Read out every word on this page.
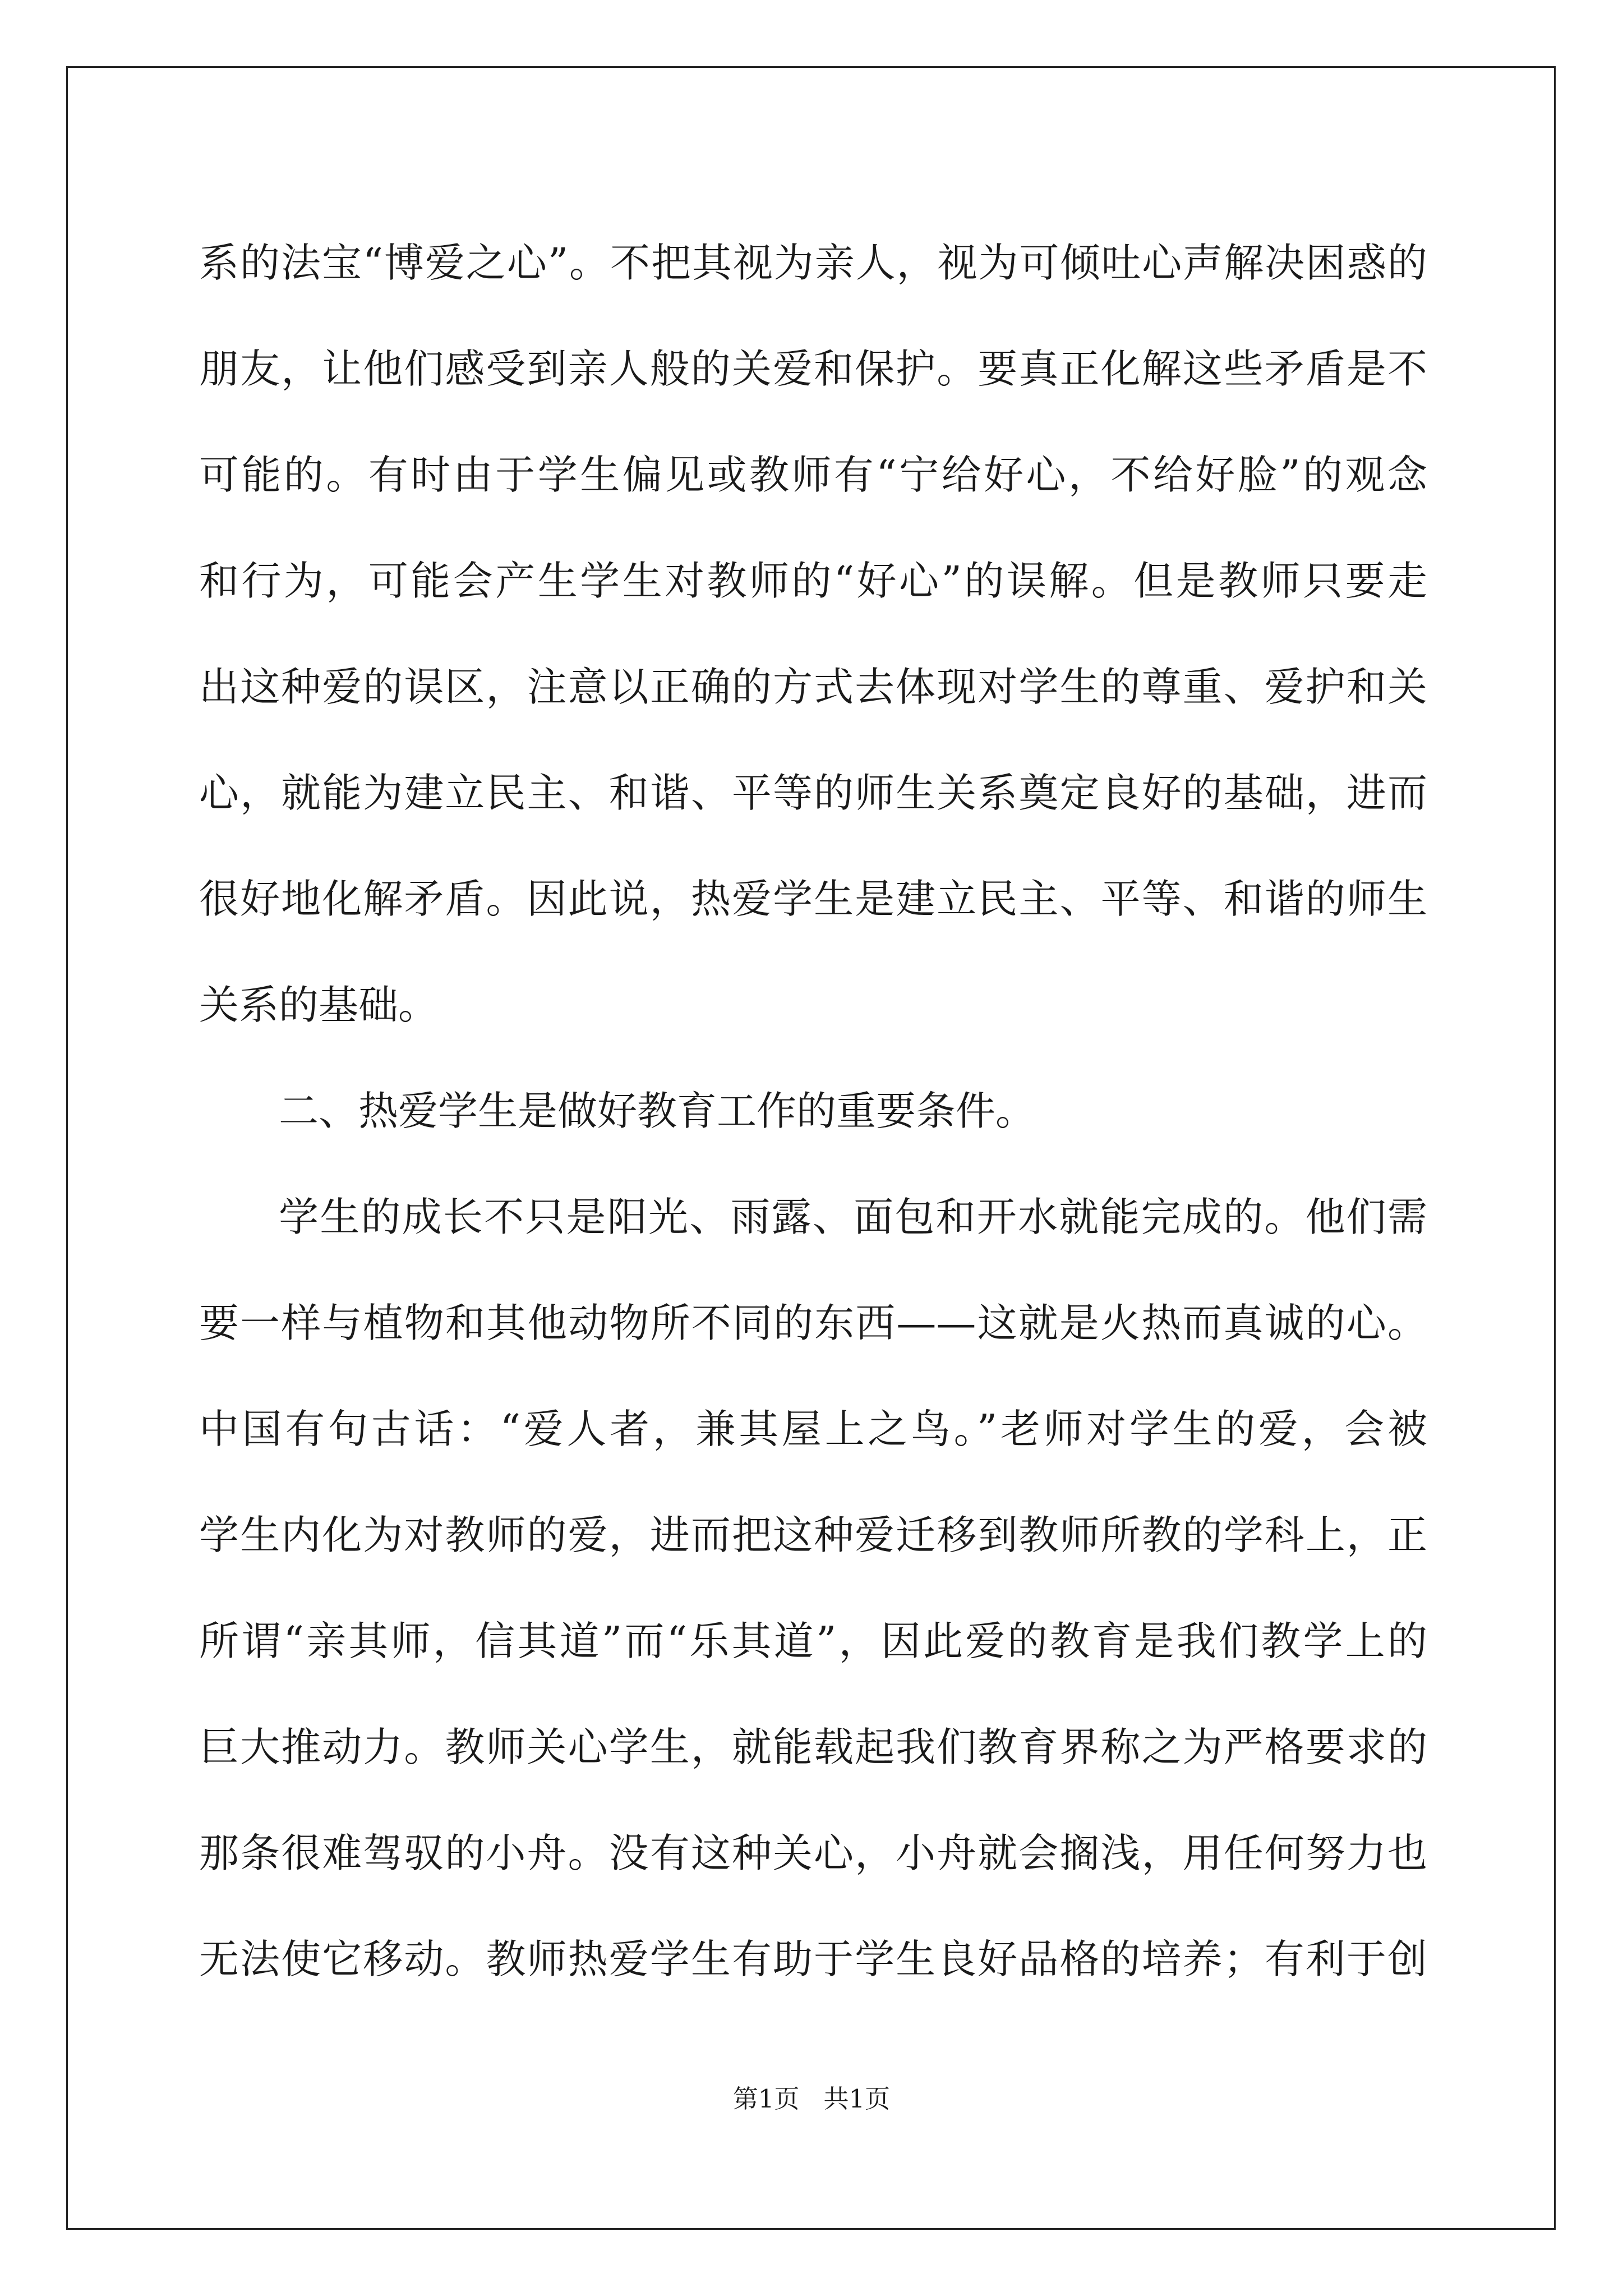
系的法宝“博爱之心”。不把其视为亲人，视为可倾吐心声解决困惑的
朋友，让他们感受到亲人般的关爱和保护。要真正化解这些矛盾是不
可能的。有时由于学生偏见或教师有“宁给好心，不给好脸”的观念
和行为，可能会产生学生对教师的“好心”的误解。但是教师只要走
出这种爱的误区，注意以正确的方式去体现对学生的尊重、爱护和关
心，就能为建立民主、和谐、平等的师生关系奠定良好的基础，进而
很好地化解矛盾。因此说，热爱学生是建立民主、平等、和谐的师生
关系的基础。
二、热爱学生是做好教育工作的重要条件。
学生的成长不只是阳光、雨露、面包和开水就能完成的。他们需
要一样与植物和其他动物所不同的东西——这就是火热而真诚的心。
中国有句古话：“爱人者，兼其屋上之鸟。”老师对学生的爱，会被
学生内化为对教师的爱，进而把这种爱迁移到教师所教的学科上，正
所谓“亲其师，信其道”而“乐其道”，因此爱的教育是我们教学上的
巨大推动力。教师关心学生，就能载起我们教育界称之为严格要求的
那条很难驾驭的小舟。没有这种关心，小舟就会搁浅，用任何努力也
无法使它移动。教师热爱学生有助于学生良好品格的培养；有利于创
第1页   共1页
